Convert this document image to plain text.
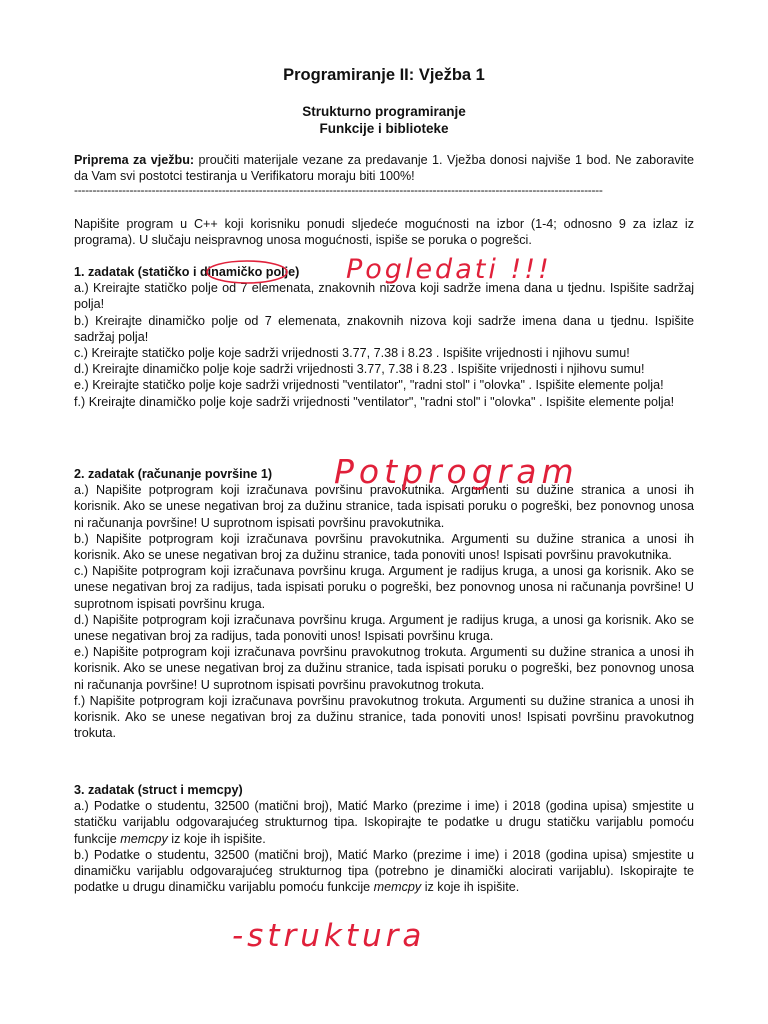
Programiranje II: Vježba 1
Strukturno programiranje
Funkcije i biblioteke
Priprema za vježbu: proučiti materijale vezane za predavanje 1. Vježba donosi najviše 1 bod. Ne zaboravite da Vam svi postotci testiranja u Verifikatoru moraju biti 100%!
-----------------------------------------------------------------------------------------------------------------------------------------------
Napišite program u C++ koji korisniku ponudi sljedeće mogućnosti na izbor (1-4; odnosno 9 za izlaz iz programa). U slučaju neispravnog unosa mogućnosti, ispiše se poruka o pogrešci.
1. zadatak (statičko i dinamičko polje)
a.) Kreirajte statičko polje od 7 elemenata, znakovnih nizova koji sadrže imena dana u tjednu. Ispišite sadržaj polja!
b.) Kreirajte dinamičko polje od 7 elemenata, znakovnih nizova koji sadrže imena dana u tjednu. Ispišite sadržaj polja!
c.) Kreirajte statičko polje koje sadrži vrijednosti 3.77, 7.38 i 8.23 . Ispišite vrijednosti i njihovu sumu!
d.) Kreirajte dinamičko polje koje sadrži vrijednosti 3.77, 7.38 i 8.23 . Ispišite vrijednosti i njihovu sumu!
e.) Kreirajte statičko polje koje sadrži vrijednosti "ventilator", "radni stol" i "olovka" . Ispišite elemente polja!
f.) Kreirajte dinamičko polje koje sadrži vrijednosti "ventilator", "radni stol" i "olovka" . Ispišite elemente polja!
2. zadatak (računanje površine 1)
a.) Napišite potprogram koji izračunava površinu pravokutnika. Argumenti su dužine stranica a unosi ih korisnik. Ako se unese negativan broj za dužinu stranice, tada ispisati poruku o pogreški, bez ponovnog unosa ni računanja površine! U suprotnom ispisati površinu pravokutnika.
b.) Napišite potprogram koji izračunava površinu pravokutnika. Argumenti su dužine stranica a unosi ih korisnik. Ako se unese negativan broj za dužinu stranice, tada ponoviti unos! Ispisati površinu pravokutnika.
c.) Napišite potprogram koji izračunava površinu kruga. Argument je radijus kruga, a unosi ga korisnik. Ako se unese negativan broj za radijus, tada ispisati poruku o pogreški, bez ponovnog unosa ni računanja površine! U suprotnom ispisati površinu kruga.
d.) Napišite potprogram koji izračunava površinu kruga. Argument je radijus kruga, a unosi ga korisnik. Ako se unese negativan broj za radijus, tada ponoviti unos! Ispisati površinu kruga.
e.) Napišite potprogram koji izračunava površinu pravokutnog trokuta. Argumenti su dužine stranica a unosi ih korisnik. Ako se unese negativan broj za dužinu stranice, tada ispisati poruku o pogreški, bez ponovnog unosa ni računanja površine! U suprotnom ispisati površinu pravokutnog trokuta.
f.) Napišite potprogram koji izračunava površinu pravokutnog trokuta. Argumenti su dužine stranica a unosi ih korisnik. Ako se unese negativan broj za dužinu stranice, tada ponoviti unos! Ispisati površinu pravokutnog trokuta.
3. zadatak (struct i memcpy)
a.) Podatke o studentu, 32500 (matični broj), Matić Marko (prezime i ime) i 2018 (godina upisa) smjestite u statičku varijablu odgovarajućeg strukturnog tipa. Iskopirajte te podatke u drugu statičku varijablu pomoću funkcije memcpy iz koje ih ispišite.
b.) Podatke o studentu, 32500 (matični broj), Matić Marko (prezime i ime) i 2018 (godina upisa) smjestite u dinamičku varijablu odgovarajućeg strukturnog tipa (potrebno je dinamički alocirati varijablu). Iskopirajte te podatke u drugu dinamičku varijablu pomoću funkcije memcpy iz koje ih ispišite.
Pogledati !!!
Potprogram
-struktura
